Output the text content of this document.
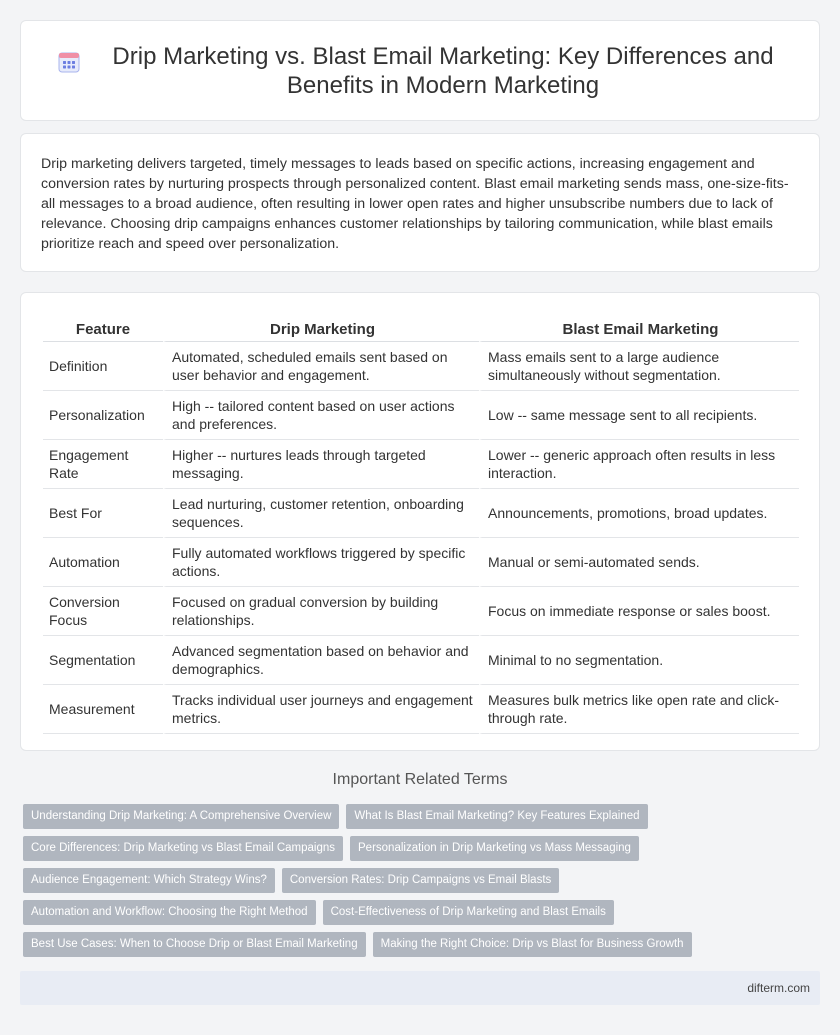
Drip Marketing vs. Blast Email Marketing: Key Differences and Benefits in Modern Marketing

Drip marketing delivers targeted, timely messages to leads based on specific actions, increasing engagement and conversion rates by nurturing prospects through personalized content. Blast email marketing sends mass, one-size-fits-all messages to a broad audience, often resulting in lower open rates and higher unsubscribe numbers due to lack of relevance. Choosing drip campaigns enhances customer relationships by tailoring communication, while blast emails prioritize reach and speed over personalization.

Feature	Drip Marketing	Blast Email Marketing
Definition	Automated, scheduled emails sent based on user behavior and engagement.	Mass emails sent to a large audience simultaneously without segmentation.
Personalization	High -- tailored content based on user actions and preferences.	Low -- same message sent to all recipients.
Engagement Rate	Higher -- nurtures leads through targeted messaging.	Lower -- generic approach often results in less interaction.
Best For	Lead nurturing, customer retention, onboarding sequences.	Announcements, promotions, broad updates.
Automation	Fully automated workflows triggered by specific actions.	Manual or semi-automated sends.
Conversion Focus	Focused on gradual conversion by building relationships.	Focus on immediate response or sales boost.
Segmentation	Advanced segmentation based on behavior and demographics.	Minimal to no segmentation.
Measurement	Tracks individual user journeys and engagement metrics.	Measures bulk metrics like open rate and click-through rate.
Important Related Terms
Understanding Drip Marketing: A Comprehensive Overview	What Is Blast Email Marketing? Key Features Explained
Core Differences: Drip Marketing vs Blast Email Campaigns	Personalization in Drip Marketing vs Mass Messaging
Audience Engagement: Which Strategy Wins?	Conversion Rates: Drip Campaigns vs Email Blasts
Automation and Workflow: Choosing the Right Method	Cost-Effectiveness of Drip Marketing and Blast Emails
Best Use Cases: When to Choose Drip or Blast Email Marketing	Making the Right Choice: Drip vs Blast for Business Growth
difterm.com
